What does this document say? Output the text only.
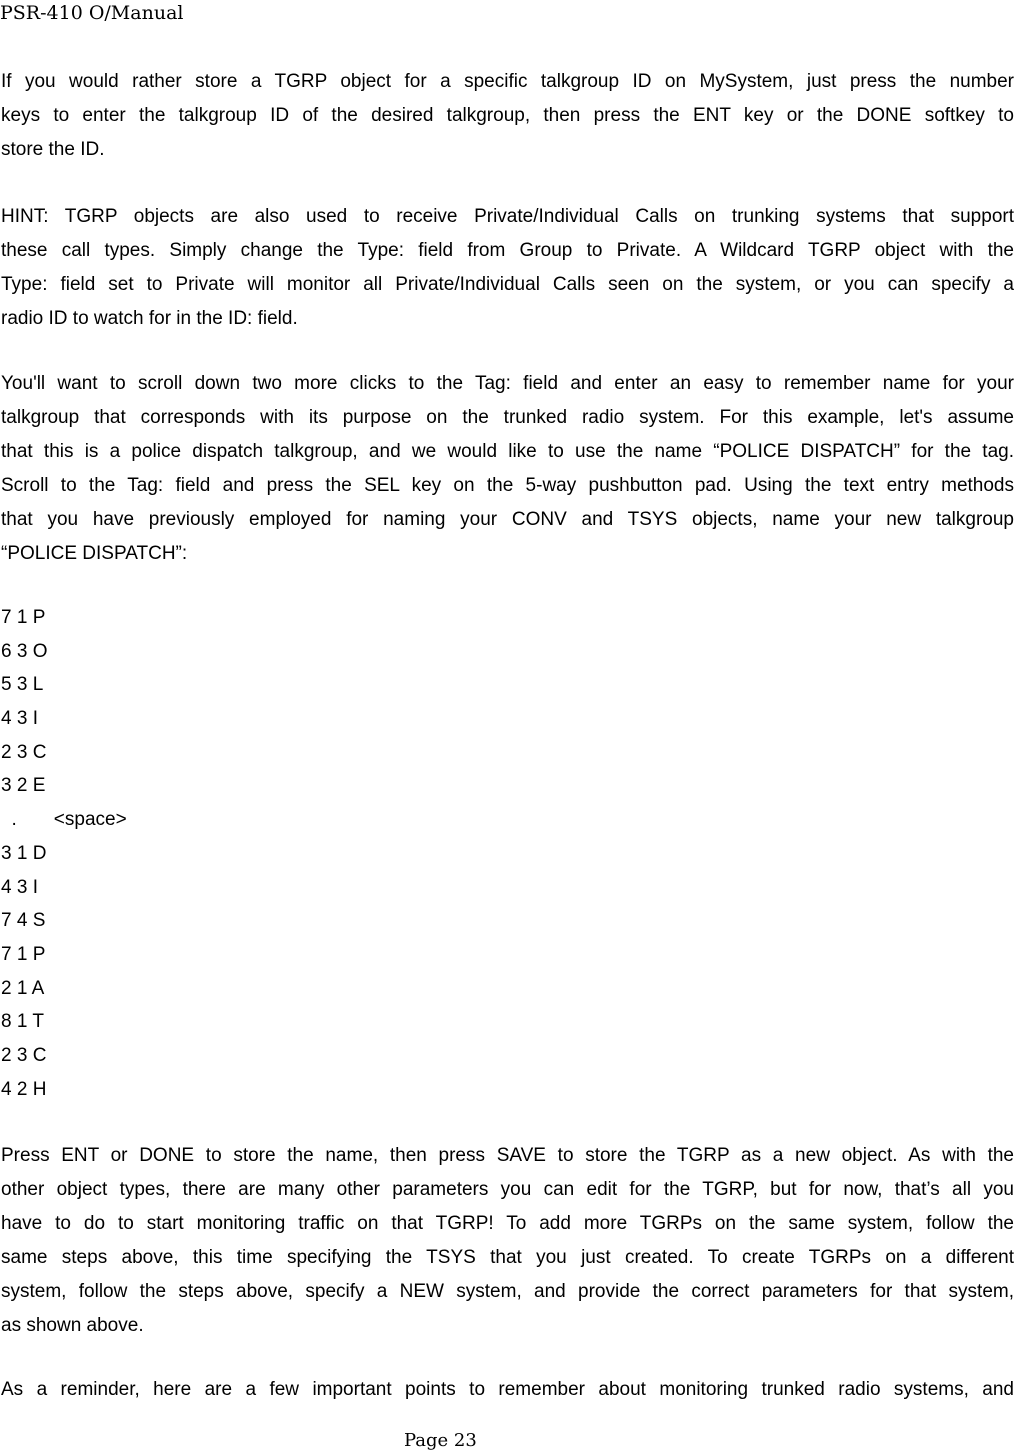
PSR-410 O/Manual
If you would rather store a TGRP object for a specific talkgroup ID on MySystem, just press the number
keys to enter the talkgroup ID of the desired talkgroup, then press the ENT key or the DONE softkey to
store the ID.
HINT: TGRP objects are also used to receive Private/Individual Calls on trunking systems that support
these call types. Simply change the Type: field from Group to Private. A Wildcard TGRP object with the
Type: field set to Private will monitor all Private/Individual Calls seen on the system, or you can specify a
radio ID to watch for in the ID: field.
You'll want to scroll down two more clicks to the Tag: field and enter an easy to remember name for your
talkgroup that corresponds with its purpose on the trunked radio system. For this example, let's assume
that this is a police dispatch talkgroup, and we would like to use the name “POLICE DISPATCH” for the tag.
Scroll to the Tag: field and press the SEL key on the 5-way pushbutton pad. Using the text entry methods
that you have previously employed for naming your CONV and TSYS objects, name your new talkgroup
“POLICE DISPATCH”:
7 1 P
6 3 O
5 3 L
4 3 I
2 3 C
3 2 E
.       <space>
3 1 D
4 3 I
7 4 S
7 1 P
2 1 A
8 1 T
2 3 C
4 2 H
Press ENT or DONE to store the name, then press SAVE to store the TGRP as a new object. As with the
other object types, there are many other parameters you can edit for the TGRP, but for now, that’s all you
have to do to start monitoring traffic on that TGRP! To add more TGRPs on the same system, follow the
same steps above, this time specifying the TSYS that you just created. To create TGRPs on a different
system, follow the steps above, specify a NEW system, and provide the correct parameters for that system,
as shown above.
As a reminder, here are a few important points to remember about monitoring trunked radio systems, and
Page 23
